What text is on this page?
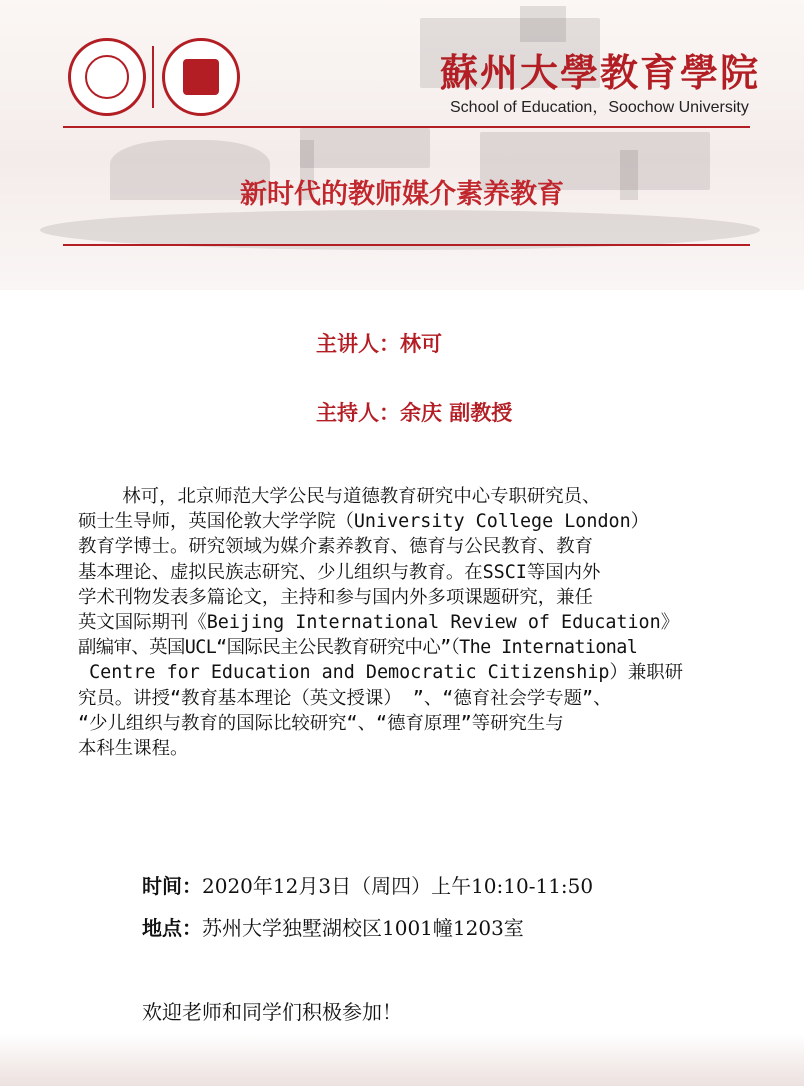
蘇州大學教育學院
School of Education，Soochow University
新时代的教师媒介素养教育
主讲人：林可
主持人：余庆 副教授
林可，北京师范大学公民与道德教育研究中心专职研究员、
硕士生导师，英国伦敦大学学院（University College London）
教育学博士。研究领域为媒介素养教育、德育与公民教育、教育
基本理论、虚拟民族志研究、少儿组织与教育。在SSCI等国内外
学术刊物发表多篇论文，主持和参与国内外多项课题研究，兼任
英文国际期刊《Beijing International Review of Education》
副编审、英国UCL“国际民主公民教育研究中心”（The International
Centre for Education and Democratic Citizenship）兼职研
究员。讲授“教育基本理论（英文授课） ”、“德育社会学专题”、
“少儿组织与教育的国际比较研究“、“德育原理”等研究生与
本科生课程。
时间：2020年12月3日（周四）上午10:10-11:50
地点：苏州大学独墅湖校区1001幢1203室
欢迎老师和同学们积极参加！
